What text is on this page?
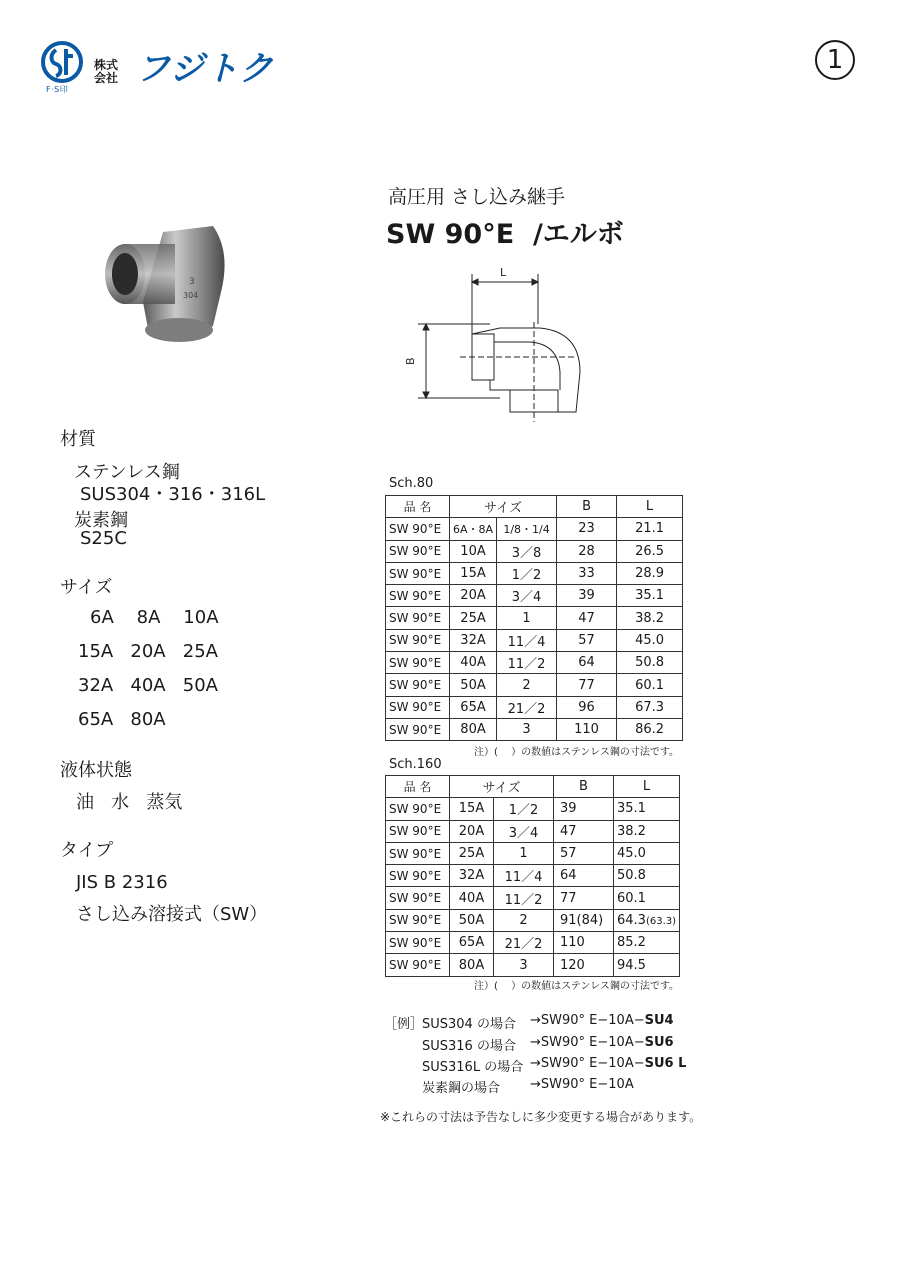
F·S印
株式
会社 フジトク	1
高圧用 さし込み継手
SW 90°E  /エルボ
3
304
L
B
材質
ステンレス鋼
SUS304・316・316L
炭素鋼
S25C
サイズ
6A    8A    10A
15A   20A   25A
32A   40A   50A
65A   80A
液体状態
油   水   蒸気
タイプ
JIS B 2316
さし込み溶接式（SW）
Sch.80
品 名	サイズ		B	L
SW 90°E	6A・8A	1/8・1/4	23	21.1
SW 90°E	10A	3／8	28	26.5
SW 90°E	15A	1／2	33	28.9
SW 90°E	20A	3／4	39	35.1
SW 90°E	25A	1	47	38.2
SW 90°E	32A	11／4	57	45.0
SW 90°E	40A	11／2	64	50.8
SW 90°E	50A	2	77	60.1
SW 90°E	65A	21／2	96	67.3
SW 90°E	80A	3	110	86.2
注）(　 ）の数値はステンレス鋼の寸法です。
Sch.160
品 名	サイズ		B	L
SW 90°E	15A	1／2	39	35.1
SW 90°E	20A	3／4	47	38.2
SW 90°E	25A	1	57	45.0
SW 90°E	32A	11／4	64	50.8
SW 90°E	40A	11／2	77	60.1
SW 90°E	50A	2	91(84)	64.3(63.3)
SW 90°E	65A	21／2	110	85.2
SW 90°E	80A	3	120	94.5
注）(　 ）の数値はステンレス鋼の寸法です。
［例］
SUS304 の場合 →SW90° E−10A−SU4
SUS316 の場合 →SW90° E−10A−SU6
SUS316L の場合 →SW90° E−10A−SU6 L
炭素鋼の場合 →SW90° E−10A
※これらの寸法は予告なしに多少変更する場合があります。
